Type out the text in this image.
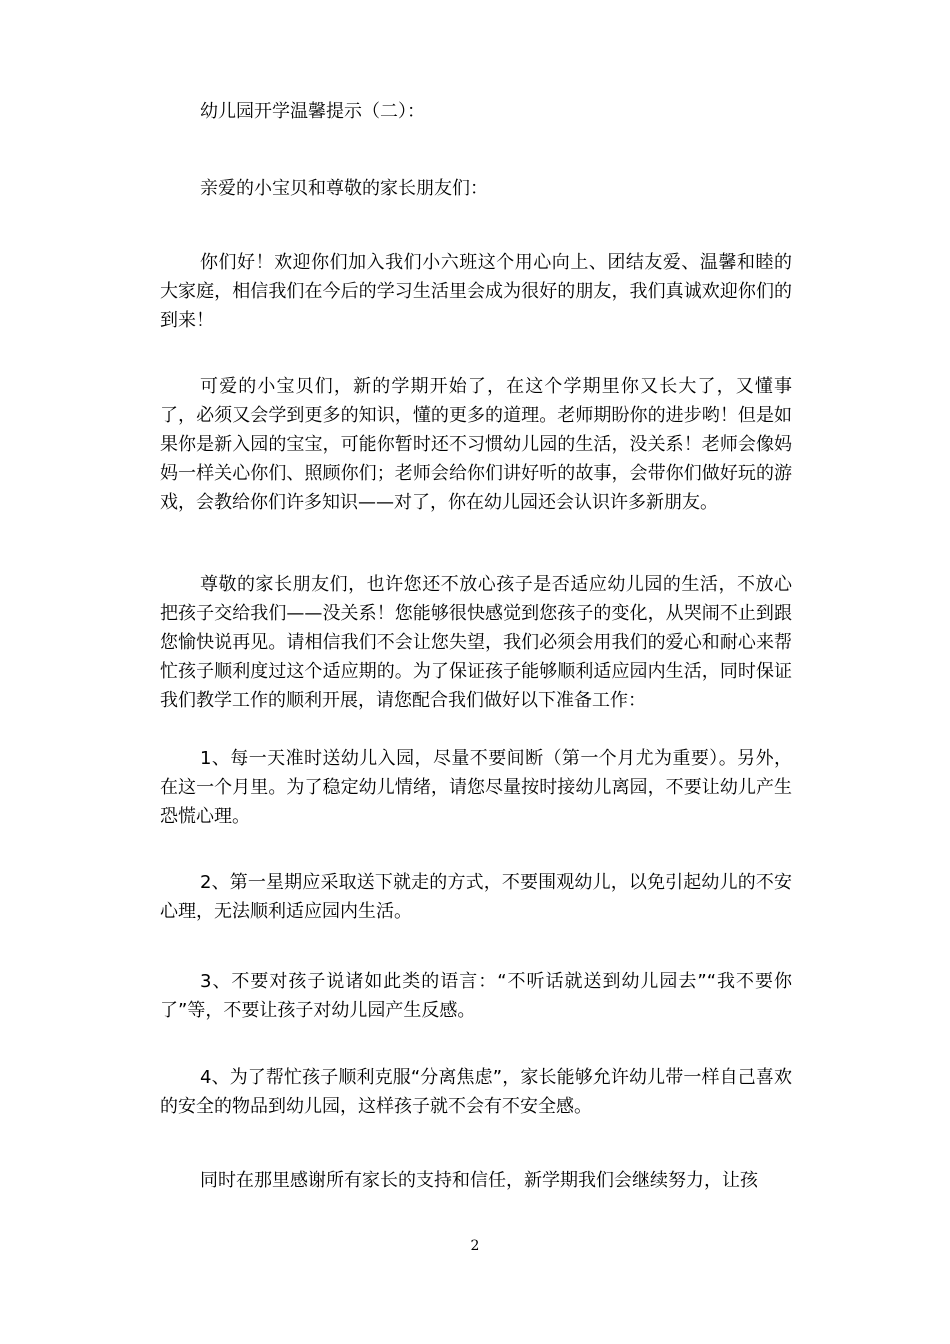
幼儿园开学温馨提示（二）：

亲爱的小宝贝和尊敬的家长朋友们：

你们好！欢迎你们加入我们小六班这个用心向上、团结友爱、温馨和睦的大家庭，相信我们在今后的学习生活里会成为很好的朋友，我们真诚欢迎你们的到来！

可爱的小宝贝们，新的学期开始了，在这个学期里你又长大了，又懂事了，必须又会学到更多的知识，懂的更多的道理。老师期盼你的进步哟！但是如果你是新入园的宝宝，可能你暂时还不习惯幼儿园的生活，没关系！老师会像妈妈一样关心你们、照顾你们；老师会给你们讲好听的故事，会带你们做好玩的游戏，会教给你们许多知识——对了，你在幼儿园还会认识许多新朋友。

尊敬的家长朋友们，也许您还不放心孩子是否适应幼儿园的生活，不放心把孩子交给我们——没关系！您能够很快感觉到您孩子的变化，从哭闹不止到跟您愉快说再见。请相信我们不会让您失望，我们必须会用我们的爱心和耐心来帮忙孩子顺利度过这个适应期的。为了保证孩子能够顺利适应园内生活，同时保证我们教学工作的顺利开展，请您配合我们做好以下准备工作：

1、每一天准时送幼儿入园，尽量不要间断（第一个月尤为重要）。另外，在这一个月里。为了稳定幼儿情绪，请您尽量按时接幼儿离园，不要让幼儿产生恐慌心理。

2、第一星期应采取送下就走的方式，不要围观幼儿，以免引起幼儿的不安心理，无法顺利适应园内生活。

3、不要对孩子说诸如此类的语言：“不听话就送到幼儿园去”“我不要你了”等，不要让孩子对幼儿园产生反感。

4、为了帮忙孩子顺利克服“分离焦虑”，家长能够允许幼儿带一样自己喜欢的安全的物品到幼儿园，这样孩子就不会有不安全感。

同时在那里感谢所有家长的支持和信任，新学期我们会继续努力，让孩

2
